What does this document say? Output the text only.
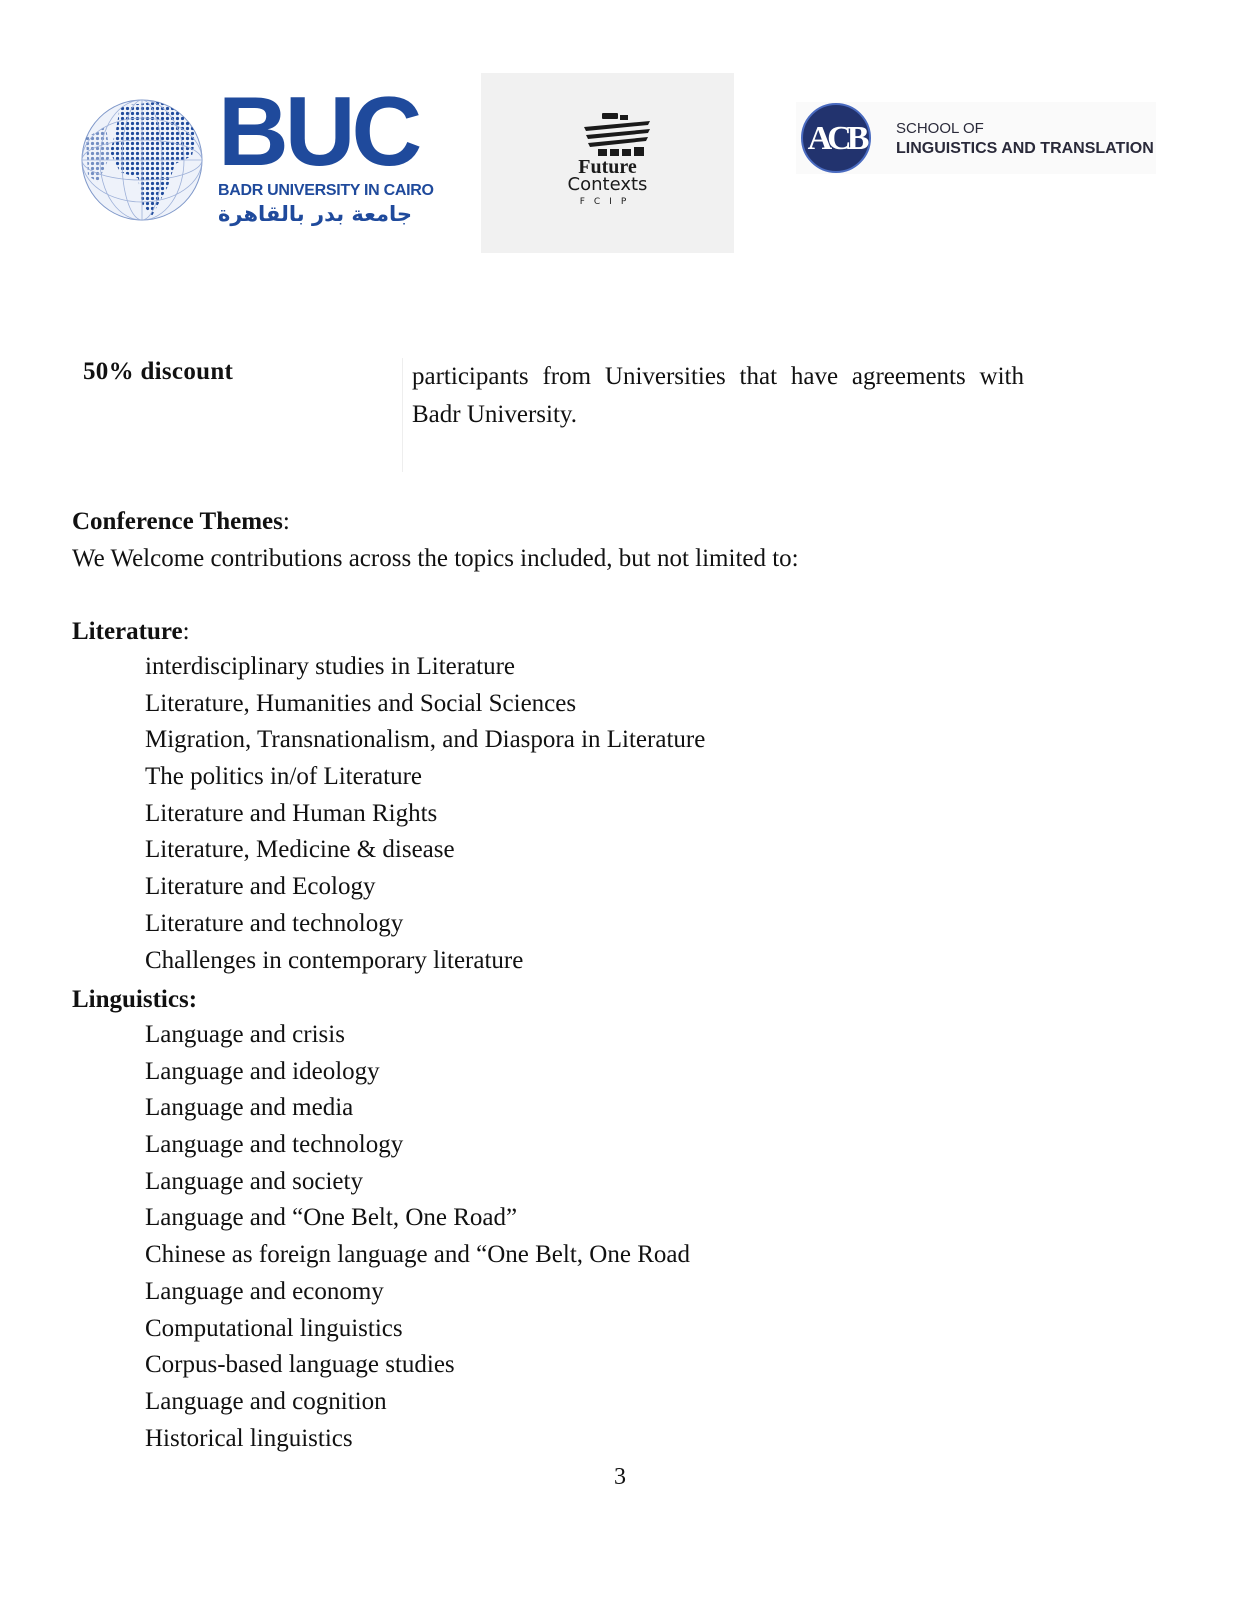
BUC
BADR UNIVERSITY IN CAIRO
جامعة بدر بالقاهرة
Future
Contexts
FCIP
ACB SCHOOL OF
LINGUISTICS AND TRANSLATION
50% discount	participants from Universities that have agreements with Badr University.
Conference Themes:
We Welcome contributions across the topics included, but not limited to:
Literature:
interdisciplinary studies in Literature
Literature, Humanities and Social Sciences
Migration, Transnationalism, and Diaspora in Literature
The politics in/of Literature
Literature and Human Rights
Literature, Medicine & disease
Literature and Ecology
Literature and technology
Challenges in contemporary literature
Linguistics:
Language and crisis
Language and ideology
Language and media
Language and technology
Language and society
Language and “One Belt, One Road”
Chinese as foreign language and “One Belt, One Road
Language and economy
Computational linguistics
Corpus-based language studies
Language and cognition
Historical linguistics
3
